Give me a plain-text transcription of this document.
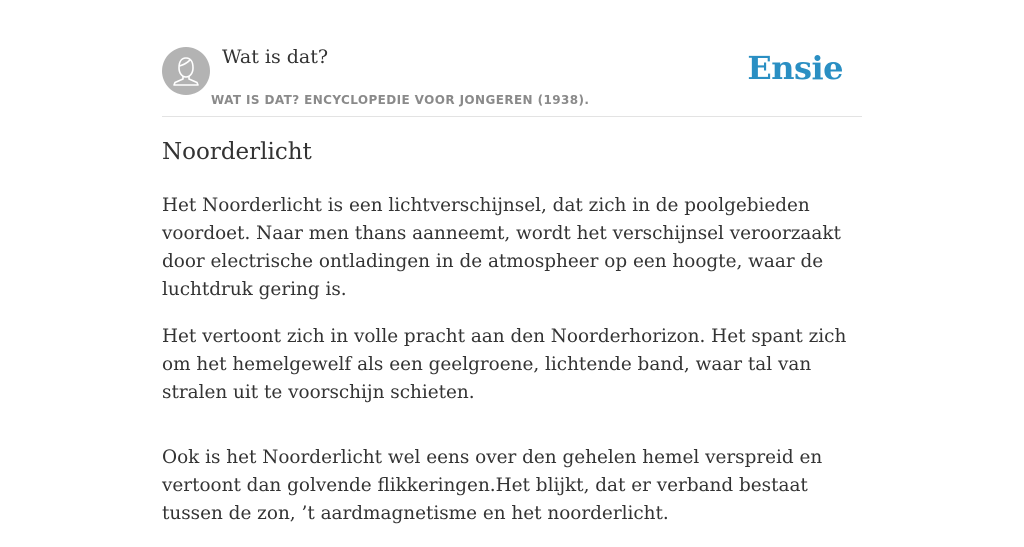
Wat is dat?
WAT IS DAT? ENCYCLOPEDIE VOOR JONGEREN (1938).
Ensie
Noorderlicht

Het Noorderlicht is een lichtverschijnsel, dat zich in de poolgebieden voordoet. Naar men thans aanneemt, wordt het verschijnsel veroorzaakt door electrische ontladingen in de atmospheer op een hoogte, waar de luchtdruk gering is.

Het vertoont zich in volle pracht aan den Noorderhorizon. Het spant zich om het hemelgewelf als een geelgroene, lichtende band, waar tal van stralen uit te voorschijn schieten.

Ook is het Noorderlicht wel eens over den gehelen hemel verspreid en vertoont dan golvende flikkeringen.Het blijkt, dat er verband bestaat tussen de zon, ’t aardmagnetisme en het noorderlicht.
